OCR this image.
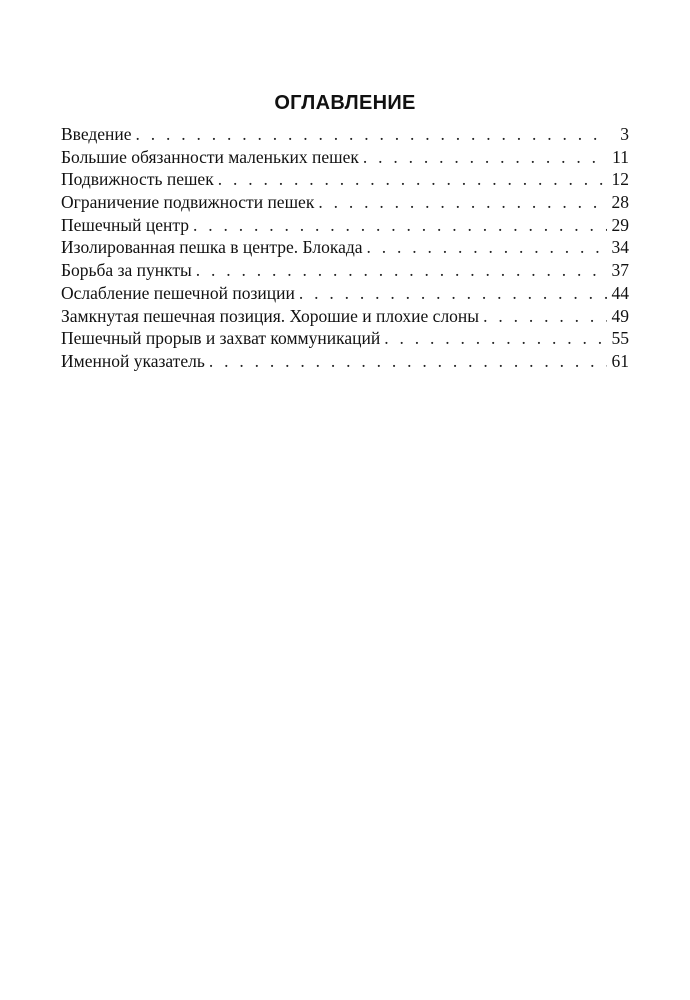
ОГЛАВЛЕНИЕ
Введение . . .	3
Большие обязанности маленьких пешек . . .	11
Подвижность пешек . . .	12
Ограничение подвижности пешек . . .	28
Пешечный центр . . .	29
Изолированная пешка в центре. Блокада . . .	34
Борьба за пункты . . .	37
Ослабление пешечной позиции . . .	44
Замкнутая пешечная позиция. Хорошие и плохие слоны . . .	49
Пешечный прорыв и захват коммуникаций . . .	55
Именной указатель . . .	61
